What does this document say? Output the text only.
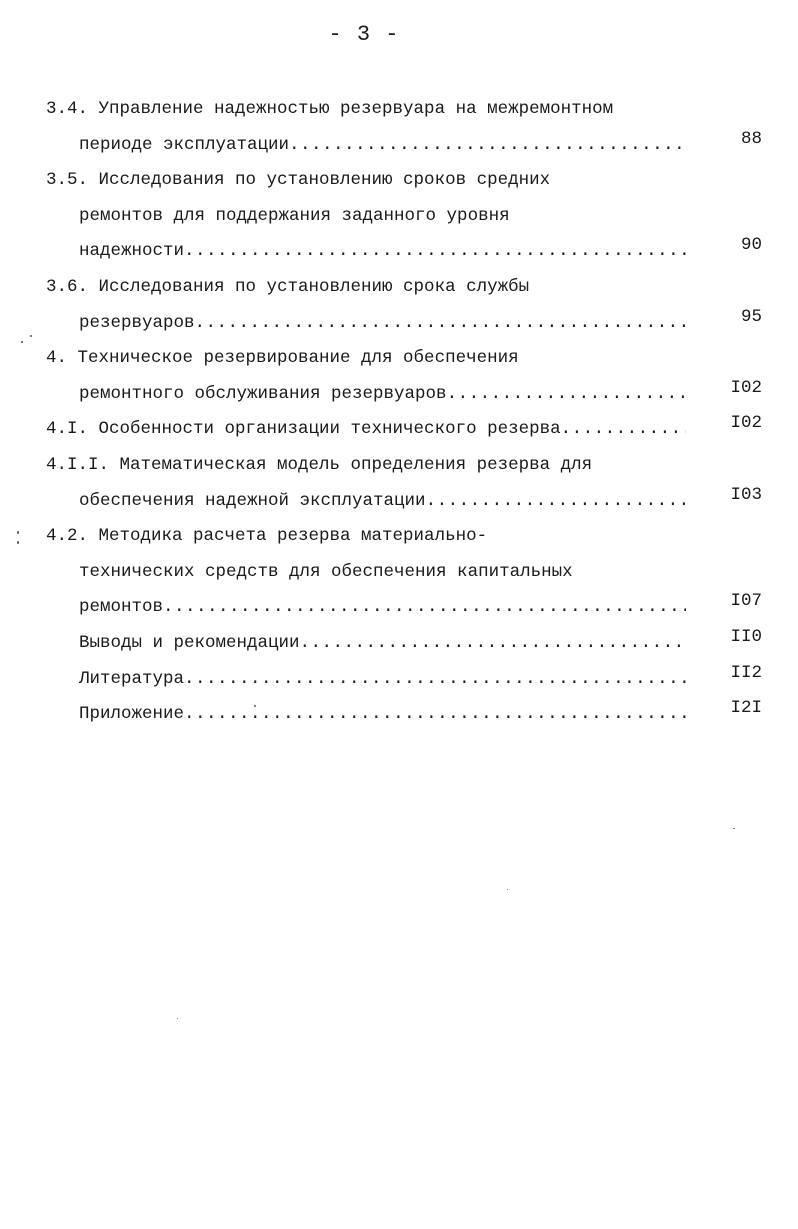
- 3 -
3.4. Управление надежностью резервуара на межремонтном
периоде эксплуатации .....	88
3.5. Исследования по установлению сроков средних
ремонтов для поддержания заданного уровня
надежности .....	90
3.6. Исследования по установлению срока службы
резервуаров .....	95
4. Техническое резервирование для обеспечения
ремонтного обслуживания резервуаров .....	I02
4.I. Особенности организации технического резерва .....	I02
4.I.I. Математическая модель определения резерва для
обеспечения надежной эксплуатации .....	I03
4.2. Методика расчета резерва материально-
технических средств для обеспечения капитальных
ремонтов .....	I07
Выводы и рекомендации .....	II0
Литература .....	II2
Приложение .....	I2I
